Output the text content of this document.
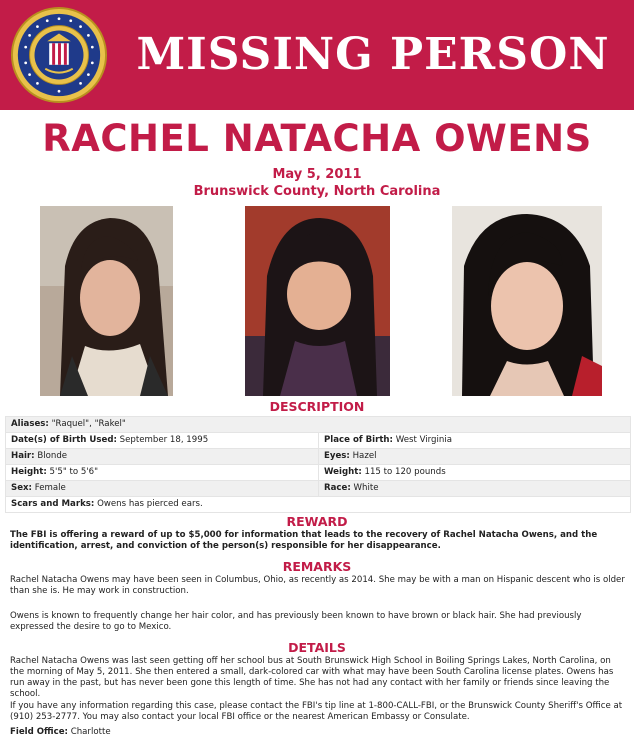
MISSING PERSON
RACHEL NATACHA OWENS
May 5, 2011
Brunswick County, North Carolina
DESCRIPTION
Aliases: "Raquel", "Rakel"	
Date(s) of Birth Used: September 18, 1995	Place of Birth: West Virginia
Hair: Blonde	Eyes: Hazel
Height: 5'5" to 5'6"	Weight: 115 to 120 pounds
Sex: Female	Race: White
Scars and Marks: Owens has pierced ears.	
REWARD
The FBI is offering a reward of up to $5,000 for information that leads to the recovery of Rachel Natacha Owens, and the identification, arrest, and conviction of the person(s) responsible for her disappearance.
REMARKS
Rachel Natacha Owens may have been seen in Columbus, Ohio, as recently as 2014. She may be with a man on Hispanic descent who is older than she is. He may work in construction.
Owens is known to frequently change her hair color, and has previously been known to have brown or black hair. She had previously expressed the desire to go to Mexico.
DETAILS
Rachel Natacha Owens was last seen getting off her school bus at South Brunswick High School in Boiling Springs Lakes, North Carolina, on the morning of May 5, 2011. She then entered a small, dark-colored car with what may have been South Carolina license plates. Owens has run away in the past, but has never been gone this length of time. She has not had any contact with her family or friends since leaving the school.
If you have any information regarding this case, please contact the FBI's tip line at 1-800-CALL-FBI, or the Brunswick County Sheriff's Office at (910) 253-2777. You may also contact your local FBI office or the nearest American Embassy or Consulate.
Field Office: Charlotte
